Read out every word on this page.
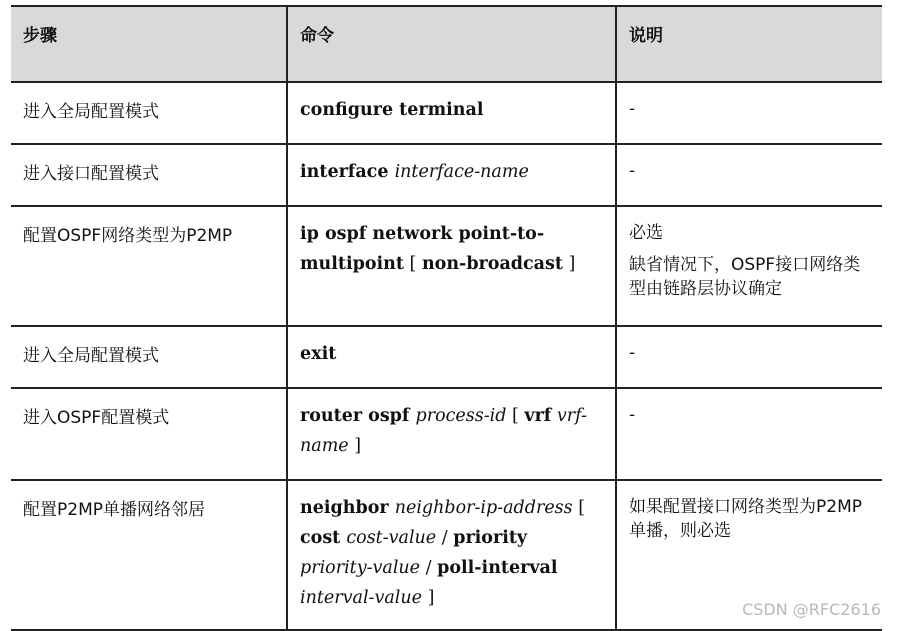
步骤	命令	说明
进入全局配置模式	configure terminal	-

进入接口配置模式	interface interface-name	-

配置OSPF网络类型为P2MP	ip ospf network point-to-multipoint [ non-broadcast ]	必选

缺省情况下，OSPF接口网络类型由链路层协议确定

进入全局配置模式	exit	-

进入OSPF配置模式	router ospf process-id [ vrf vrf-name ]	-

配置P2MP单播网络邻居	neighbor neighbor-ip-address [ cost cost-value / priority priority-value / poll-interval interval-value ]	如果配置接口网络类型为P2MP单播，则必选

CSDN @RFC2616
